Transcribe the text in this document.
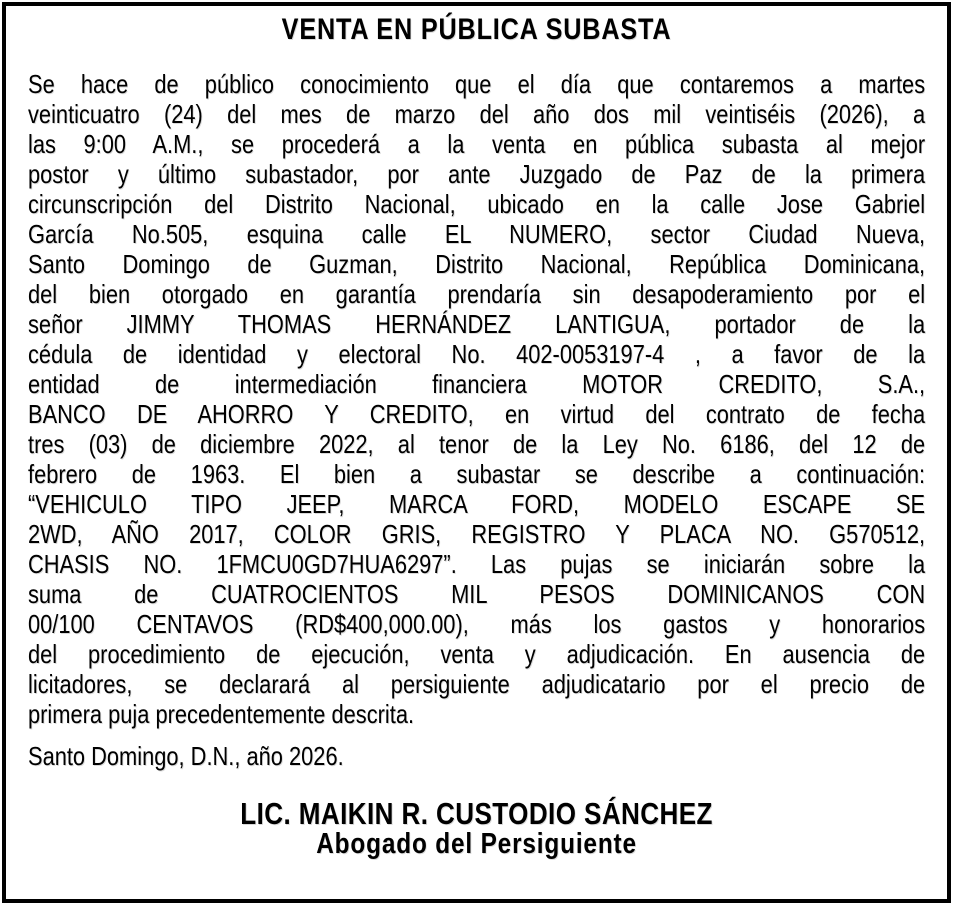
VENTA EN PÚBLICA SUBASTA
Se hace de público conocimiento que el día que contaremos a martes
veinticuatro (24) del mes de marzo del año dos mil veintiséis (2026), a
las 9:00 A.M., se procederá a la venta en pública subasta al mejor
postor y último subastador, por ante Juzgado de Paz de la primera
circunscripción del Distrito Nacional, ubicado en la calle Jose Gabriel
García No.505, esquina calle EL NUMERO, sector Ciudad Nueva,
Santo Domingo de Guzman, Distrito Nacional, República Dominicana,
del bien otorgado en garantía prendaría sin desapoderamiento por el
señor JIMMY THOMAS HERNÁNDEZ LANTIGUA, portador de la
cédula de identidad y electoral No. 402-0053197-4 , a favor de la
entidad de intermediación financiera MOTOR CREDITO, S.A.,
BANCO DE AHORRO Y CREDITO, en virtud del contrato de fecha
tres (03) de diciembre 2022, al tenor de la Ley No. 6186, del 12 de
febrero de 1963. El bien a subastar se describe a continuación:
“VEHICULO TIPO JEEP, MARCA FORD, MODELO ESCAPE SE
2WD, AÑO 2017, COLOR GRIS, REGISTRO Y PLACA NO. G570512,
CHASIS NO. 1FMCU0GD7HUA6297”. Las pujas se iniciarán sobre la
suma de CUATROCIENTOS MIL PESOS DOMINICANOS CON
00/100 CENTAVOS (RD$400,000.00), más los gastos y honorarios
del procedimiento de ejecución, venta y adjudicación. En ausencia de
licitadores, se declarará al persiguiente adjudicatario por el precio de
primera puja precedentemente descrita.
Santo Domingo, D.N., año 2026.
LIC. MAIKIN R. CUSTODIO SÁNCHEZ
Abogado del Persiguiente
